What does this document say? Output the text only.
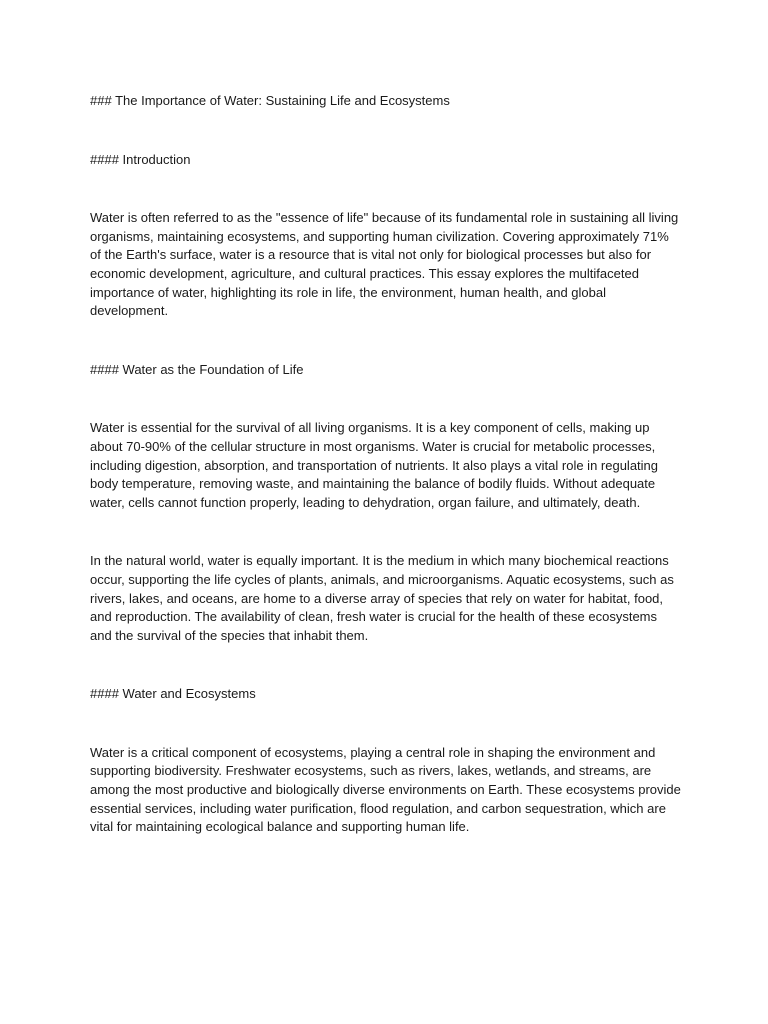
### The Importance of Water: Sustaining Life and Ecosystems

#### Introduction

Water is often referred to as the "essence of life" because of its fundamental role in sustaining all living organisms, maintaining ecosystems, and supporting human civilization. Covering approximately 71% of the Earth's surface, water is a resource that is vital not only for biological processes but also for economic development, agriculture, and cultural practices. This essay explores the multifaceted importance of water, highlighting its role in life, the environment, human health, and global development.

#### Water as the Foundation of Life

Water is essential for the survival of all living organisms. It is a key component of cells, making up about 70-90% of the cellular structure in most organisms. Water is crucial for metabolic processes, including digestion, absorption, and transportation of nutrients. It also plays a vital role in regulating body temperature, removing waste, and maintaining the balance of bodily fluids. Without adequate water, cells cannot function properly, leading to dehydration, organ failure, and ultimately, death.

In the natural world, water is equally important. It is the medium in which many biochemical reactions occur, supporting the life cycles of plants, animals, and microorganisms. Aquatic ecosystems, such as rivers, lakes, and oceans, are home to a diverse array of species that rely on water for habitat, food, and reproduction. The availability of clean, fresh water is crucial for the health of these ecosystems and the survival of the species that inhabit them.

#### Water and Ecosystems

Water is a critical component of ecosystems, playing a central role in shaping the environment and supporting biodiversity. Freshwater ecosystems, such as rivers, lakes, wetlands, and streams, are among the most productive and biologically diverse environments on Earth. These ecosystems provide essential services, including water purification, flood regulation, and carbon sequestration, which are vital for maintaining ecological balance and supporting human life.
